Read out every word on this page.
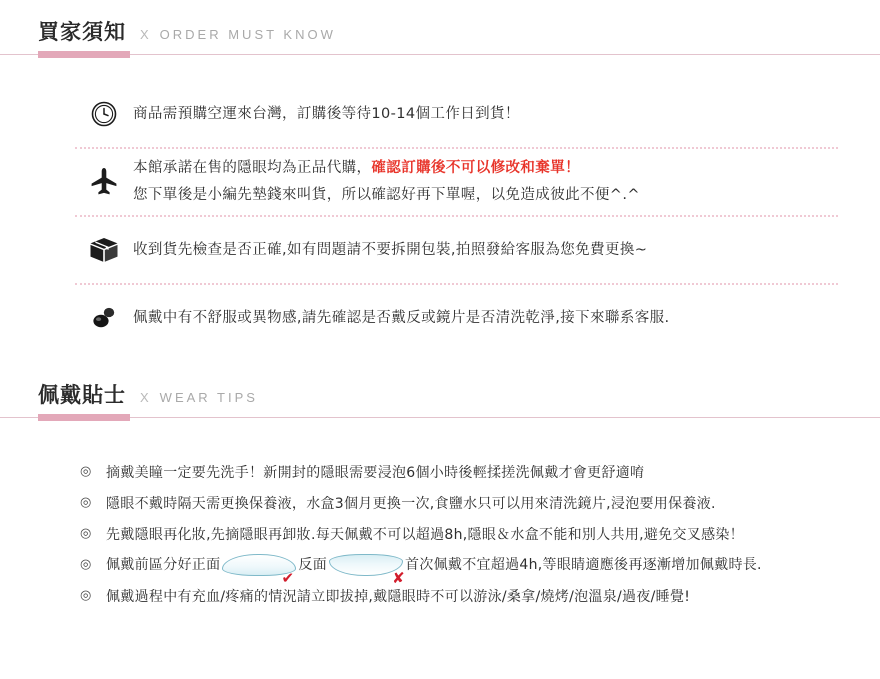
買家須知 X ORDER MUST KNOW
商品需預購空運來台灣，訂購後等待10-14個工作日到貨！
本館承諾在售的隱眼均為正品代購，確認訂購後不可以修改和棄單！
您下單後是小編先墊錢來叫貨，所以確認好再下單喔，以免造成彼此不便^.^
收到貨先檢查是否正確,如有問題請不要拆開包裝,拍照發給客服為您免費更換~
佩戴中有不舒服或異物感,請先確認是否戴反或鏡片是否清洗乾淨,接下來聯系客服.
佩戴貼士 X WEAR TIPS
◎	摘戴美瞳一定要先洗手！新開封的隱眼需要浸泡6個小時後輕揉搓洗佩戴才會更舒適唷
◎	隱眼不戴時隔天需更換保養液，水盒3個月更換一次,食鹽水只可以用來清洗鏡片,浸泡要用保養液.
◎	先戴隱眼再化妝,先摘隱眼再卸妝.每天佩戴不可以超過8h,隱眼＆水盒不能和別人共用,避免交叉感染！
◎	佩戴前區分好正面
✔
反面
✘
首次佩戴不宜超過4h,等眼睛適應後再逐漸增加佩戴時長.
◎	佩戴過程中有充血/疼痛的情況請立即拔掉,戴隱眼時不可以游泳/桑拿/燒烤/泡溫泉/過夜/睡覺!
